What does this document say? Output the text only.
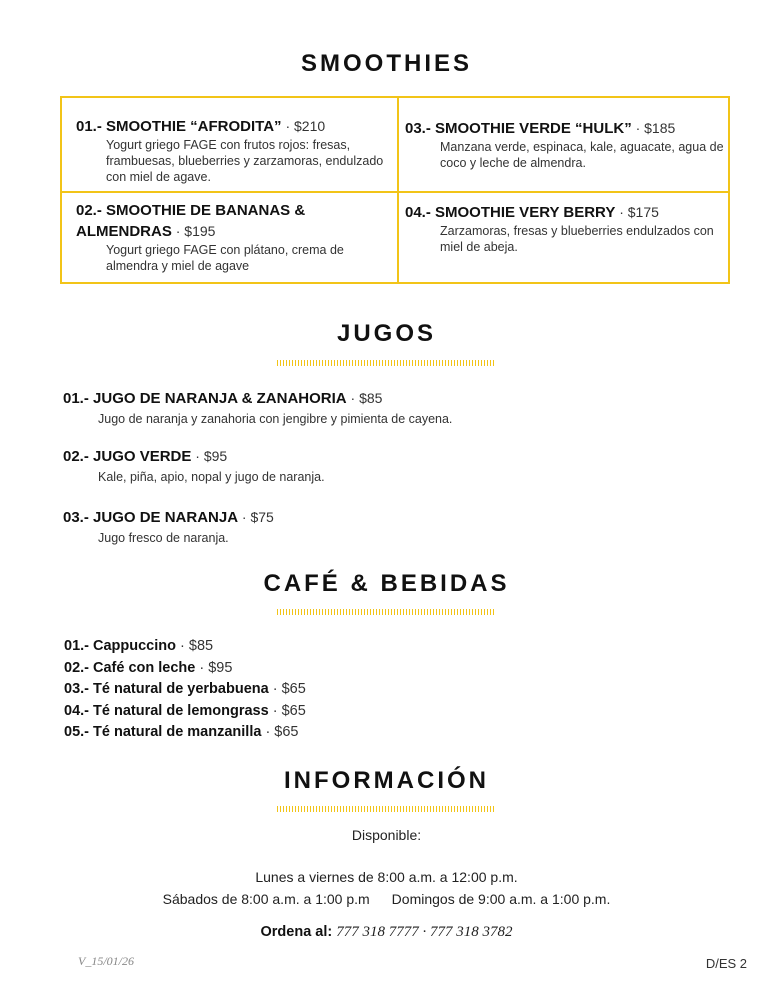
SMOOTHIES
01.- SMOOTHIE “AFRODITA” · $210
Yogurt griego FAGE con frutos rojos: fresas, frambuesas, blueberries y zarzamoras, endulzado con miel de agave.
02.- SMOOTHIE DE BANANAS & ALMENDRAS · $195
Yogurt griego FAGE con plátano, crema de almendra y miel de agave
03.- SMOOTHIE VERDE “HULK” · $185
Manzana verde, espinaca, kale, aguacate, agua de coco y leche de almendra.
04.- SMOOTHIE VERY BERRY · $175
Zarzamoras, fresas y blueberries endulzados con miel de abeja.
JUGOS
01.- JUGO DE NARANJA & ZANAHORIA · $85
Jugo de naranja y zanahoria con jengibre y pimienta de cayena.
02.- JUGO VERDE · $95
Kale, piña, apio, nopal y jugo de naranja.
03.- JUGO DE NARANJA · $75
Jugo fresco de naranja.
CAFÉ & BEBIDAS
01.- Cappuccino · $85
02.- Café con leche · $95
03.- Té natural de yerbabuena · $65
04.- Té natural de lemongrass · $65
05.- Té natural de manzanilla · $65
INFORMACIÓN
Disponible:
Lunes a viernes de 8:00 a.m. a 12:00 p.m.
Sábados de 8:00 a.m. a 1:00 p.m Domingos de 9:00 a.m. a 1:00 p.m.
Ordena al: 777 318 7777 · 777 318 3782
V_15/01/26	D/ES 2
